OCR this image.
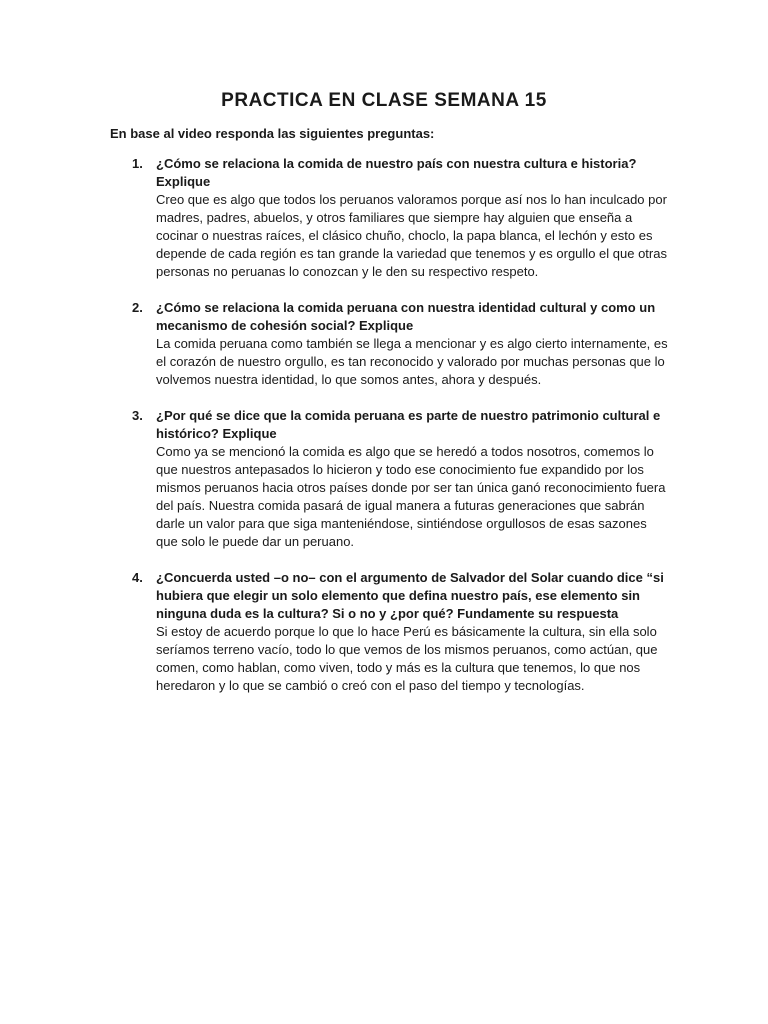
PRACTICA EN CLASE SEMANA 15

En base al video responda las siguientes preguntas:

1. ¿Cómo se relaciona la comida de nuestro país con nuestra cultura e historia? Explique

Creo que es algo que todos los peruanos valoramos porque así nos lo han inculcado por madres, padres, abuelos, y otros familiares que siempre hay alguien que enseña a cocinar o nuestras raíces, el clásico chuño, choclo, la papa blanca, el lechón y esto es depende de cada región es tan grande la variedad que tenemos y es orgullo el que otras personas no peruanas lo conozcan y le den su respectivo respeto.

2. ¿Cómo se relaciona la comida peruana con nuestra identidad cultural y como un mecanismo de cohesión social? Explique

La comida peruana como también se llega a mencionar y es algo cierto internamente, es el corazón de nuestro orgullo, es tan reconocido y valorado por muchas personas que lo volvemos nuestra identidad, lo que somos antes, ahora y después.

3. ¿Por qué se dice que la comida peruana es parte de nuestro patrimonio cultural e histórico? Explique

Como ya se mencionó la comida es algo que se heredó a todos nosotros, comemos lo que nuestros antepasados lo hicieron y todo ese conocimiento fue expandido por los mismos peruanos hacia otros países donde por ser tan única ganó reconocimiento fuera del país. Nuestra comida pasará de igual manera a futuras generaciones que sabrán darle un valor para que siga manteniéndose, sintiéndose orgullosos de esas sazones que solo le puede dar un peruano.

4. ¿Concuerda usted –o no– con el argumento de Salvador del Solar cuando dice “si hubiera que elegir un solo elemento que defina nuestro país, ese elemento sin ninguna duda es la cultura? Si o no y ¿por qué? Fundamente su respuesta

Si estoy de acuerdo porque lo que lo hace Perú es básicamente la cultura, sin ella solo seríamos terreno vacío, todo lo que vemos de los mismos peruanos, como actúan, que comen, como hablan, como viven, todo y más es la cultura que tenemos, lo que nos heredaron y lo que se cambió o creó con el paso del tiempo y tecnologías.
